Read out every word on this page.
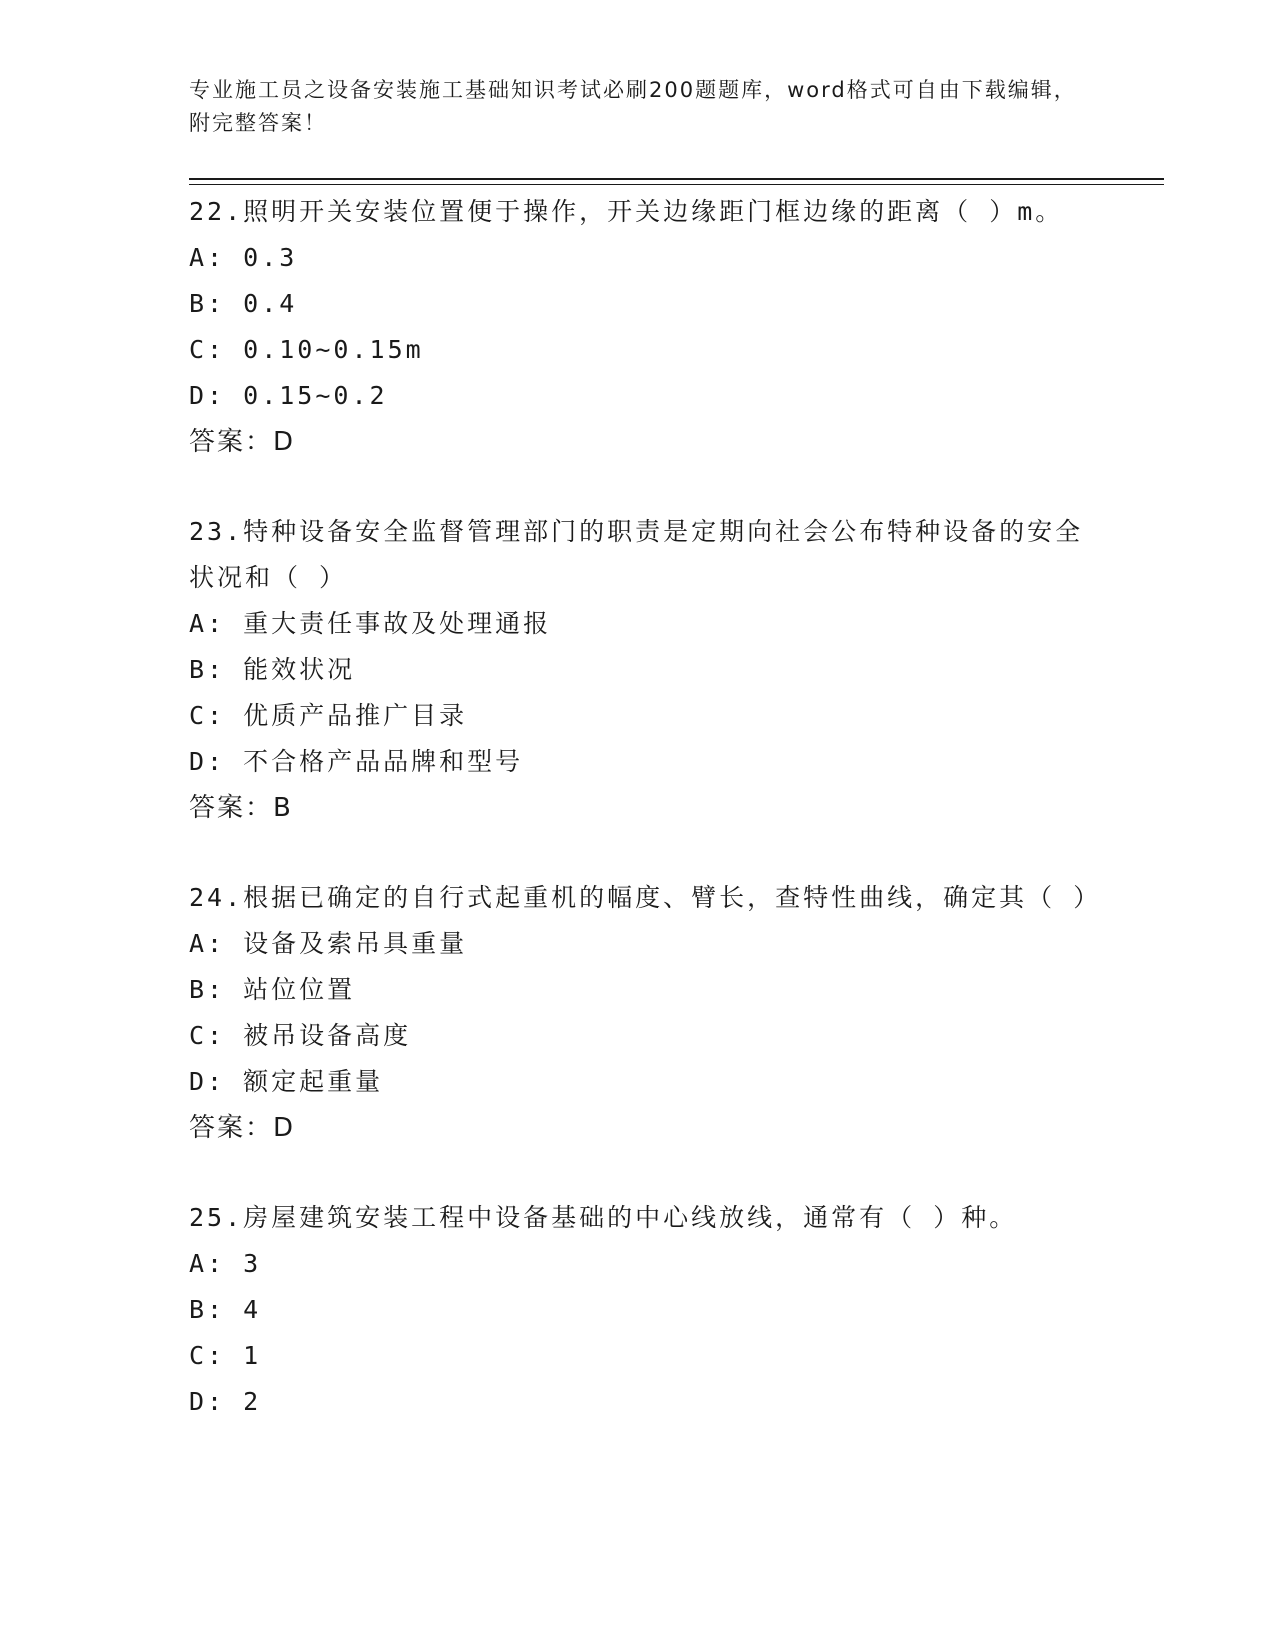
专业施工员之设备安装施工基础知识考试必刷200题题库，word格式可自由下载编辑，附完整答案！

22.照明开关安装位置便于操作，开关边缘距门框边缘的距离（ ）m。

A: 0.3

B: 0.4

C: 0.10~0.15m

D: 0.15~0.2

答案：D

23.特种设备安全监督管理部门的职责是定期向社会公布特种设备的安全状况和（ ）

A: 重大责任事故及处理通报

B: 能效状况

C: 优质产品推广目录

D: 不合格产品品牌和型号

答案：B

24.根据已确定的自行式起重机的幅度、臂长，查特性曲线，确定其（ ）

A: 设备及索吊具重量

B: 站位位置

C: 被吊设备高度

D: 额定起重量

答案：D

25.房屋建筑安装工程中设备基础的中心线放线，通常有（ ）种。

A: 3

B: 4

C: 1

D: 2
